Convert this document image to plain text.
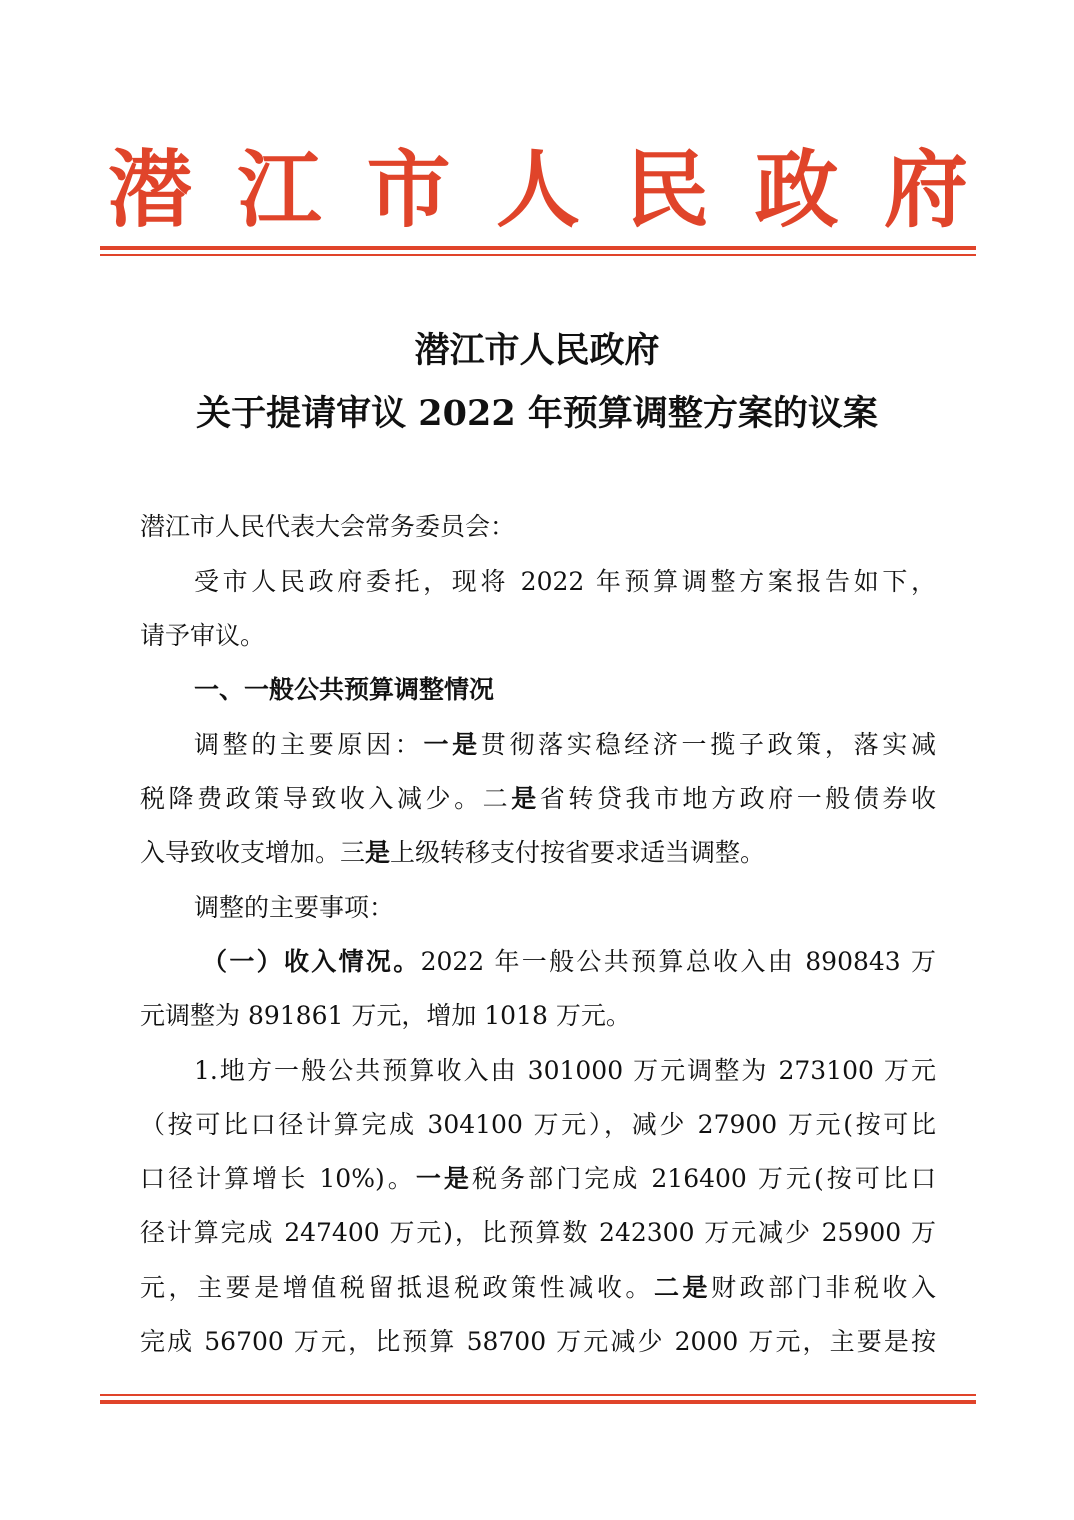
潜 江 市 人 民 政 府
潜江市人民政府
关于提请审议 2022 年预算调整方案的议案
潜江市人民代表大会常务委员会：
受市人民政府委托，现将 2022 年预算调整方案报告如下，
请予审议。
一、一般公共预算调整情况
调整的主要原因：一是贯彻落实稳经济一揽子政策，落实减
税降费政策导致收入减少。二是省转贷我市地方政府一般债券收
入导致收支增加。三是上级转移支付按省要求适当调整。
调整的主要事项：
（一）收入情况。2022 年一般公共预算总收入由 890843 万
元调整为 891861 万元，增加 1018 万元。
1.地方一般公共预算收入由 301000 万元调整为 273100 万元
（按可比口径计算完成 304100 万元），减少 27900 万元(按可比
口径计算增长 10%)。一是税务部门完成 216400 万元(按可比口
径计算完成 247400 万元)，比预算数 242300 万元减少 25900 万
元，主要是增值税留抵退税政策性减收。二是财政部门非税收入
完成 56700 万元，比预算 58700 万元减少 2000 万元，主要是按
